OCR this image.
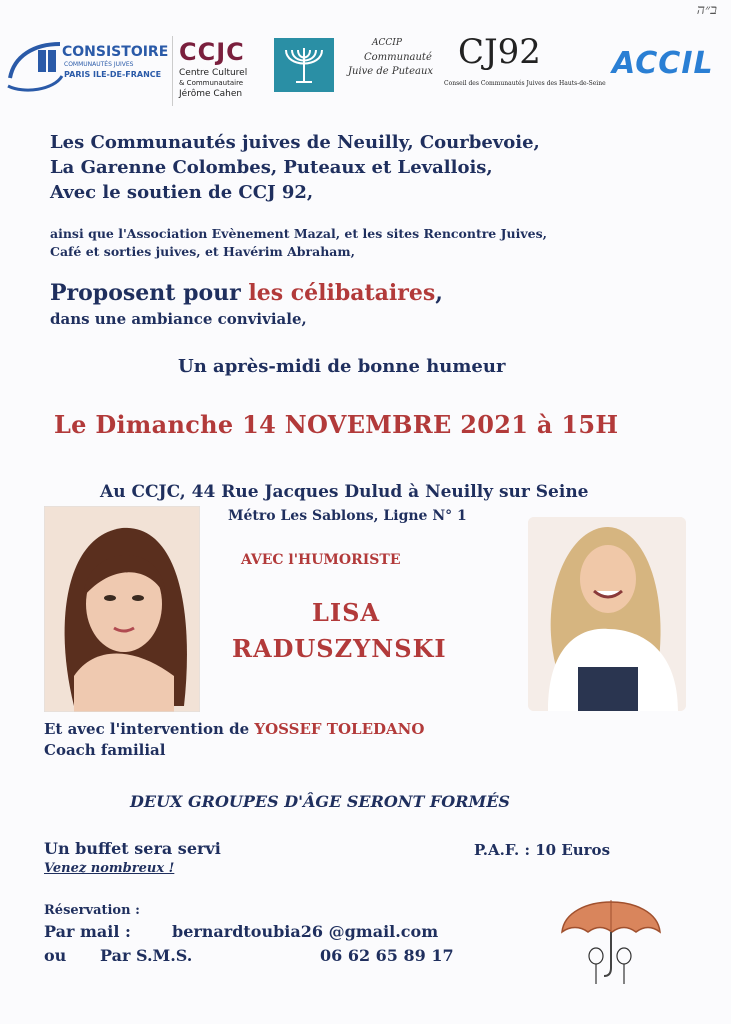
ב״ה
CONSISTOIRE
COMMUNAUTÉS JUIVES
PARIS ILE-DE-FRANCE
CCJC
Centre Culturel
& Communautaire
Jérôme Cahen
ACCIP
Communauté
Juive de Puteaux CJ92
Conseil des Communautés Juives des Hauts-de-Seine
ACCIL
Les Communautés juives de Neuilly, Courbevoie,
La Garenne Colombes, Puteaux et Levallois,
Avec le soutien de CCJ 92,
ainsi que l'Association Evènement Mazal, et les sites Rencontre Juives,
Café et sorties juives, et Havérim Abraham,
Proposent pour les célibataires,
dans une ambiance conviviale,
Un après-midi de bonne humeur
Le Dimanche 14 NOVEMBRE 2021 à 15H
Au CCJC, 44 Rue Jacques Dulud à Neuilly sur Seine
Métro Les Sablons, Ligne N° 1
AVEC l'HUMORISTE
LISA
RADUSZYNSKI
Et avec l'intervention de YOSSEF TOLEDANO
Coach familial
DEUX GROUPES D'ÂGE SERONT FORMÉS
Un buffet sera servi
Venez nombreux !
P.A.F. : 10 Euros
Réservation :
Par mail :	bernardtoubia26 @gmail.com
ou Par S.M.S.	06 62 65 89 17
